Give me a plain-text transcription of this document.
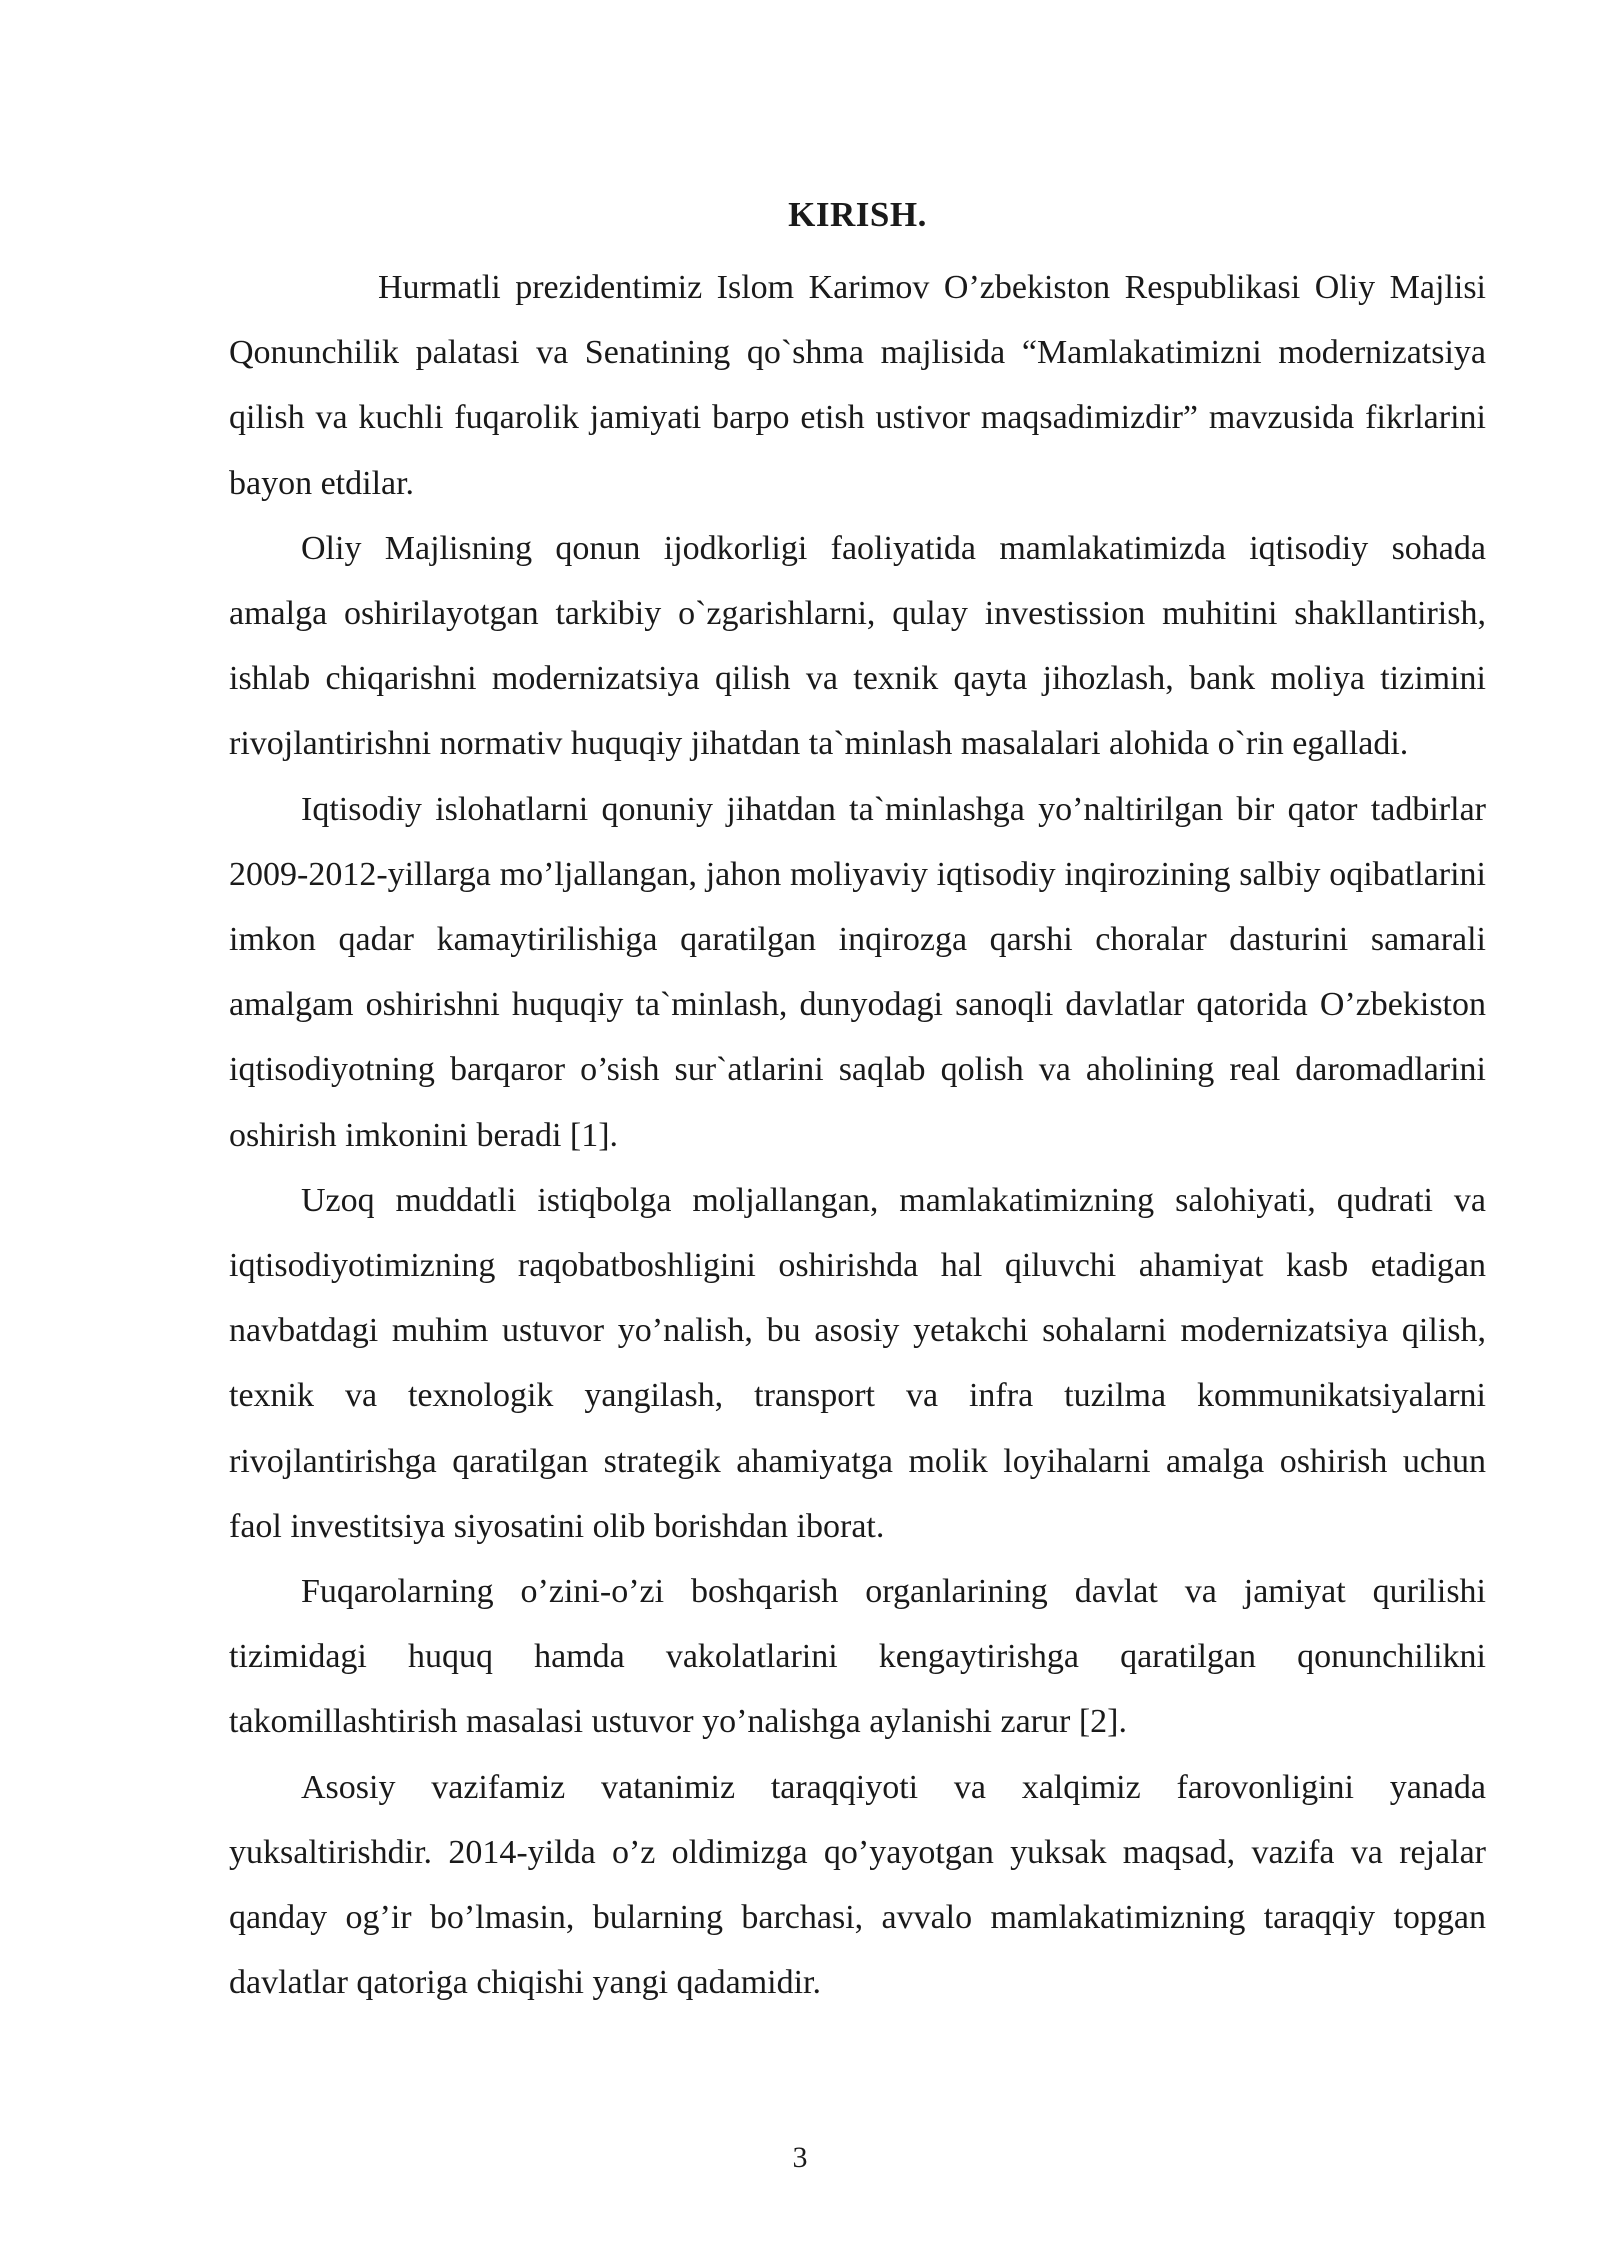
KIRISH.

Hurmatli prezidentimiz Islom Karimov O’zbekiston Respublikasi Oliy Majlisi Qonunchilik palatasi va Senatining qo`shma majlisida “Mamlakatimizni modernizatsiya qilish va kuchli fuqarolik jamiyati barpo etish ustivor maqsadimizdir” mavzusida fikrlarini bayon etdilar.

Oliy Majlisning qonun ijodkorligi faoliyatida mamlakatimizda iqtisodiy sohada amalga oshirilayotgan tarkibiy o`zgarishlarni, qulay investission muhitini shakllantirish, ishlab chiqarishni modernizatsiya qilish va texnik qayta jihozlash, bank moliya tizimini rivojlantirishni normativ huquqiy jihatdan ta`minlash masalalari alohida o`rin egalladi.

Iqtisodiy islohatlarni qonuniy jihatdan ta`minlashga yo’naltirilgan bir qator tadbirlar 2009-2012-yillarga mo’ljallangan, jahon moliyaviy iqtisodiy inqirozining salbiy oqibatlarini imkon qadar kamaytirilishiga qaratilgan inqirozga qarshi choralar dasturini samarali amalgam oshirishni huquqiy ta`minlash, dunyodagi sanoqli davlatlar qatorida O’zbekiston iqtisodiyotning barqaror o’sish sur`atlarini saqlab qolish va aholining real daromadlarini oshirish imkonini beradi [1].

Uzoq muddatli istiqbolga moljallangan, mamlakatimizning salohiyati, qudrati va iqtisodiyotimizning raqobatboshligini oshirishda hal qiluvchi ahamiyat kasb etadigan navbatdagi muhim ustuvor yo’nalish, bu asosiy yetakchi sohalarni modernizatsiya qilish, texnik va texnologik yangilash, transport va infra tuzilma kommunikatsiyalarni rivojlantirishga qaratilgan strategik ahamiyatga molik loyihalarni amalga oshirish uchun faol investitsiya siyosatini olib borishdan iborat.

Fuqarolarning o’zini-o’zi boshqarish organlarining davlat va jamiyat qurilishi tizimidagi huquq hamda vakolatlarini kengaytirishga qaratilgan qonunchilikni takomillashtirish masalasi ustuvor yo’nalishga aylanishi zarur [2].

Asosiy vazifamiz vatanimiz taraqqiyoti va xalqimiz farovonligini yanada yuksaltirishdir. 2014-yilda o’z oldimizga qo’yayotgan yuksak maqsad, vazifa va rejalar qanday og’ir bo’lmasin, bularning barchasi, avvalo mamlakatimizning taraqqiy topgan davlatlar qatoriga chiqishi yangi qadamidir.

3
